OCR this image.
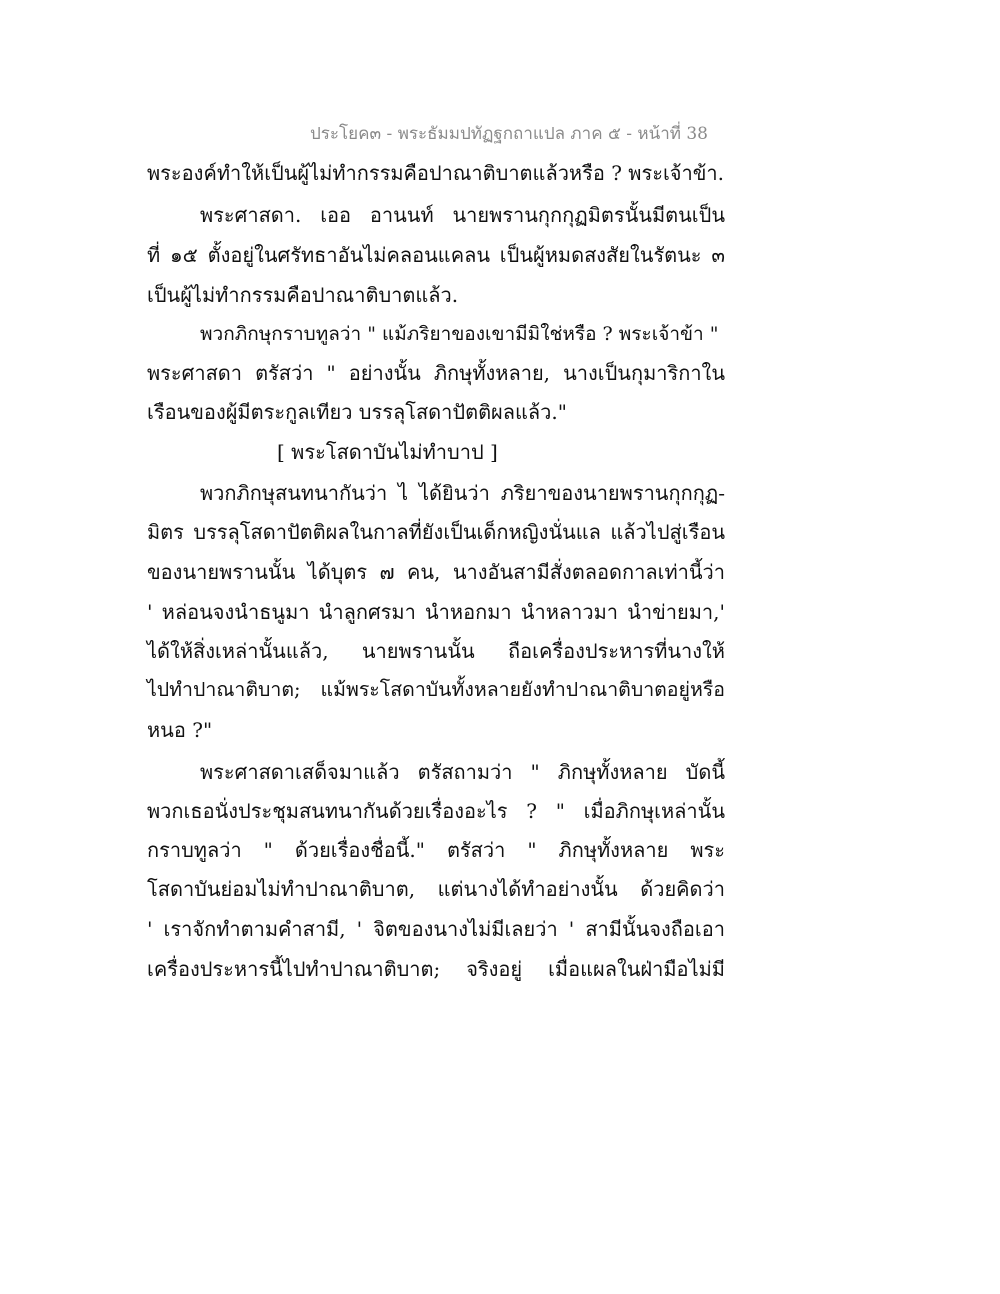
ประโยค๓ - พระธัมมปทัฏฐกถาแปล ภาค ๕ - หน้าที่ 38
พระองค์ทำให้เป็นผู้ไม่ทำกรรมคือปาณาติบาตแล้วหรือ ? พระเจ้าข้า.
พระศาสดา. เออ อานนท์ นายพรานกุกกุฏมิตรนั้นมีตนเป็น
ที่ ๑๕ ตั้งอยู่ในศรัทธาอันไม่คลอนแคลน เป็นผู้หมดสงสัยในรัตนะ ๓
เป็นผู้ไม่ทำกรรมคือปาณาติบาตแล้ว.
พวกภิกษุกราบทูลว่า " แม้ภริยาของเขามีมิใช่หรือ ? พระเจ้าข้า "
พระศาสดา ตรัสว่า " อย่างนั้น ภิกษุทั้งหลาย, นางเป็นกุมาริกาใน
เรือนของผู้มีตระกูลเทียว บรรลุโสดาปัตติผลแล้ว."
[ พระโสดาบันไม่ทำบาป ]
พวกภิกษุสนทนากันว่า ไ ได้ยินว่า ภริยาของนายพรานกุกกุฏ-
มิตร บรรลุโสดาปัตติผลในกาลที่ยังเป็นเด็กหญิงนั่นแล แล้วไปสู่เรือน
ของนายพรานนั้น ได้บุตร ๗ คน, นางอันสามีสั่งตลอดกาลเท่านี้ว่า
' หล่อนจงนำธนูมา นำลูกศรมา นำหอกมา นำหลาวมา นำข่ายมา,'
ได้ให้สิ่งเหล่านั้นแล้ว, นายพรานนั้น ถือเครื่องประหารที่นางให้
ไปทำปาณาติบาต; แม้พระโสดาบันทั้งหลายยังทำปาณาติบาตอยู่หรือ
หนอ ?"
พระศาสดาเสด็จมาแล้ว ตรัสถามว่า " ภิกษุทั้งหลาย บัดนี้
พวกเธอนั่งประชุมสนทนากันด้วยเรื่องอะไร ? " เมื่อภิกษุเหล่านั้น
กราบทูลว่า " ด้วยเรื่องชื่อนี้." ตรัสว่า " ภิกษุทั้งหลาย พระ
โสดาบันย่อมไม่ทำปาณาติบาต, แต่นางได้ทำอย่างนั้น ด้วยคิดว่า
' เราจักทำตามคำสามี, ' จิตของนางไม่มีเลยว่า ' สามีนั้นจงถือเอา
เครื่องประหารนี้ไปทำปาณาติบาต; จริงอยู่ เมื่อแผลในฝ่ามือไม่มี
